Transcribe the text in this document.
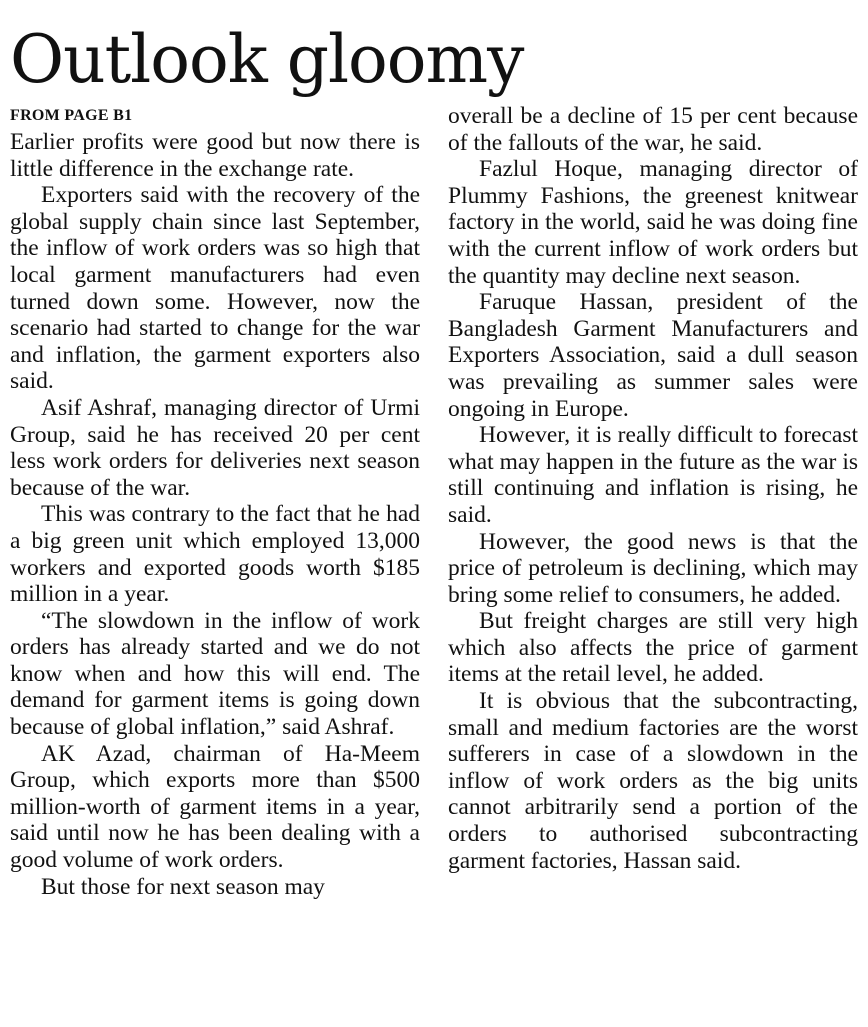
Outlook gloomy
FROM PAGE B1

Earlier profits were good but now there is little difference in the exchange rate.

Exporters said with the recovery of the global supply chain since last September, the inflow of work orders was so high that local garment manufacturers had even turned down some. However, now the scenario had started to change for the war and inflation, the garment exporters also said.

Asif Ashraf, managing director of Urmi Group, said he has received 20 per cent less work orders for deliveries next season because of the war.

This was contrary to the fact that he had a big green unit which employed 13,000 workers and exported goods worth $185 million in a year.

“The slowdown in the inflow of work orders has already started and we do not know when and how this will end. The demand for garment items is going down because of global inflation,” said Ashraf.

AK Azad, chairman of Ha-Meem Group, which exports more than $500 million-worth of garment items in a year, said until now he has been dealing with a good volume of work orders.

But those for next season may

overall be a decline of 15 per cent because of the fallouts of the war, he said.

Fazlul Hoque, managing director of Plummy Fashions, the greenest knitwear factory in the world, said he was doing fine with the current inflow of work orders but the quantity may decline next season.

Faruque Hassan, president of the Bangladesh Garment Manufacturers and Exporters Association, said a dull season was prevailing as summer sales were ongoing in Europe.

However, it is really difficult to forecast what may happen in the future as the war is still continuing and inflation is rising, he said.

However, the good news is that the price of petroleum is declining, which may bring some relief to consumers, he added.

But freight charges are still very high which also affects the price of garment items at the retail level, he added.

It is obvious that the subcontracting, small and medium factories are the worst sufferers in case of a slowdown in the inflow of work orders as the big units cannot arbitrarily send a portion of the orders to authorised subcontracting garment factories, Hassan said.
